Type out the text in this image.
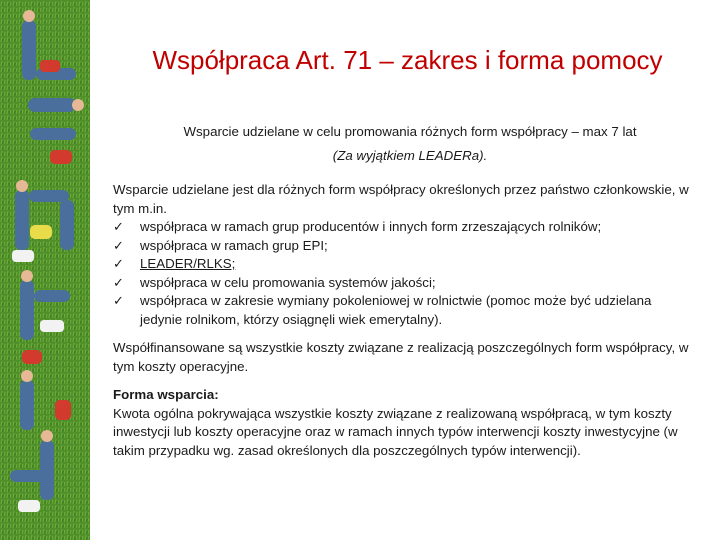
Współpraca Art. 71 – zakres i forma pomocy
Wsparcie udzielane w celu promowania różnych form współpracy – max 7 lat
(Za wyjątkiem LEADERa).

Wsparcie udzielane jest dla różnych form współpracy określonych przez państwo członkowskie, w tym m.in.

✓ współpraca w ramach grup producentów i innych form zrzeszających rolników;
✓ współpraca w ramach grup EPI;
✓ LEADER/RLKS;
✓ współpraca w celu promowania systemów jakości;
✓ współpraca w zakresie wymiany pokoleniowej w rolnictwie (pomoc może być udzielana jedynie rolnikom, którzy osiągnęli wiek emerytalny).

Współfinansowane są wszystkie koszty związane z realizacją poszczególnych form współpracy, w tym koszty operacyjne.

Forma wsparcia:

Kwota ogólna pokrywająca wszystkie koszty związane z realizowaną współpracą, w tym koszty inwestycji lub koszty operacyjne oraz w ramach innych typów interwencji koszty inwestycyjne (w takim przypadku wg. zasad określonych dla poszczególnych typów interwencji).
